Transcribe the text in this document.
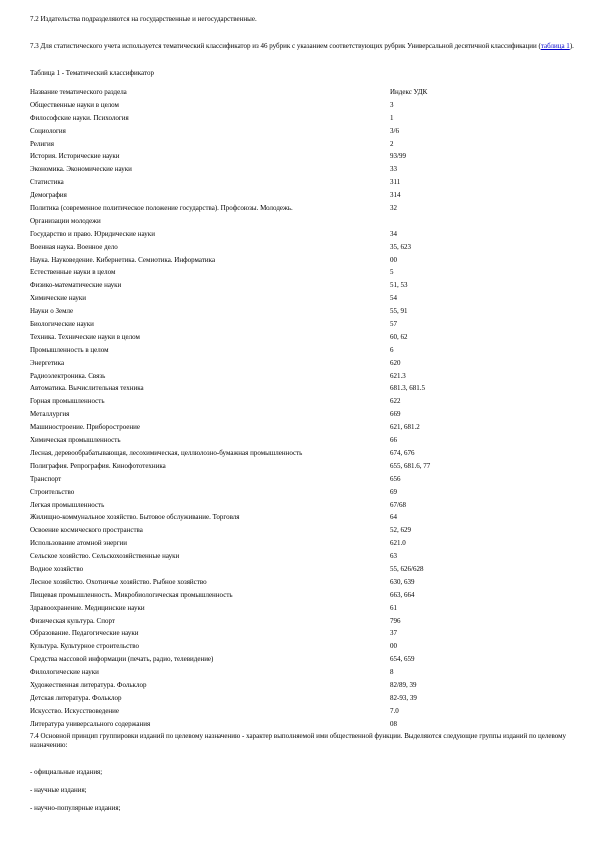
7.2 Издательства подразделяются на государственные и негосударственные.
7.3 Для статистического учета используется тематический классификатор из 46 рубрик с указанием соответствующих рубрик Универсальной десятичной классификации (таблица 1).
Таблица 1 - Тематический классификатор
Название тематического раздела	Индекс УДК
Общественные науки в целом	3
Философские науки. Психология	1
Социология	3/6
Религия	2
История. Исторические науки	93/99
Экономика. Экономические науки	33
Статистика	311
Демография	314
Политика (современное политическое положение государства). Профсоюзы. Молодежь.	32
Организации молодежи	
Государство и право. Юридические науки	34
Военная наука. Военное дело	35, 623
Наука. Науковедение. Кибернетика. Семиотика. Информатика	00
Естественные науки в целом	5
Физико-математические науки	51, 53
Химические науки	54
Науки о Земле	55, 91
Биологические науки	57
Техника. Технические науки в целом	60, 62
Промышленность в целом	6
Энергетика	620
Радиоэлектроника. Связь	621.3
Автоматика. Вычислительная техника	681.3, 681.5
Горная промышленность	622
Металлургия	669
Машиностроение. Приборостроение	621, 681.2
Химическая промышленность	66
Лесная, деревообрабатывающая, лесохимическая, целлюлозно-бумажная промышленность	674, 676
Полиграфия. Репрография. Кинофототехника	655, 681.6, 77
Транспорт	656
Строительство	69
Легкая промышленность	67/68
Жилищно-коммунальное хозяйство. Бытовое обслуживание. Торговля	64
Освоение космического пространства	52, 629
Использование атомной энергии	621.0
Сельское хозяйство. Сельскохозяйственные науки	63
Водное хозяйство	55, 626/628
Лесное хозяйство. Охотничье хозяйство. Рыбное хозяйство	630, 639
Пищевая промышленность. Микробиологическая промышленность	663, 664
Здравоохранение. Медицинские науки	61
Физическая культура. Спорт	796
Образование. Педагогические науки	37
Культура. Культурное строительство	00
Средства массовой информации (печать, радио, телевидение)	654, 659
Филологические науки	8
Художественная литература. Фольклор	82/89, 39
Детская литература. Фольклор	82-93, 39
Искусство. Искусствоведение	7.0
Литература универсального содержания	08
7.4 Основной принцип группировки изданий по целевому назначению - характер выполняемой ими общественной функции. Выделяются следующие группы изданий по целевому назначению:
- официальные издания;
- научные издания;
- научно-популярные издания;
